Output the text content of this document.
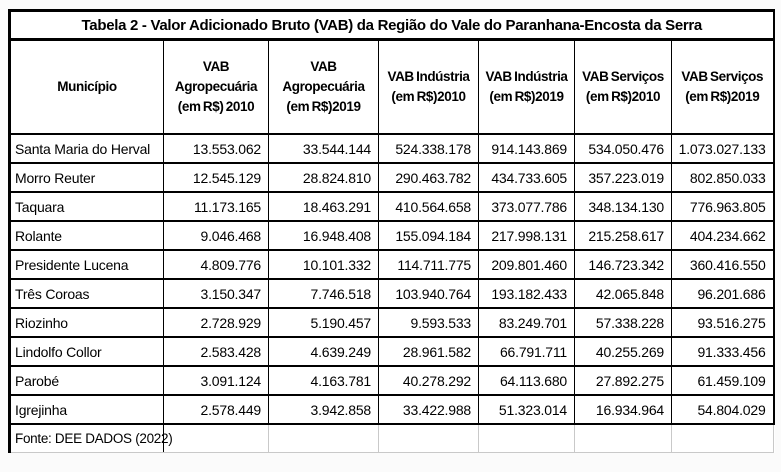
Tabela 2 - Valor Adicionado Bruto (VAB) da Região do Vale do Paranhana-Encosta da Serra						
Município	VAB Agropecuária (em R$) 2010	VAB Agropecuária (em R$)2019	VAB Indústria (em R$)2010	VAB Indústria (em R$)2019	VAB Serviços (em R$)2010	VAB Serviços (em R$)2019
Santa Maria do Herval	13.553.062	33.544.144	524.338.178	914.143.869	534.050.476	1.073.027.133
Morro Reuter	12.545.129	28.824.810	290.463.782	434.733.605	357.223.019	802.850.033
Taquara	11.173.165	18.463.291	410.564.658	373.077.786	348.134.130	776.963.805
Rolante	9.046.468	16.948.408	155.094.184	217.998.131	215.258.617	404.234.662
Presidente Lucena	4.809.776	10.101.332	114.711.775	209.801.460	146.723.342	360.416.550
Três Coroas	3.150.347	7.746.518	103.940.764	193.182.433	42.065.848	96.201.686
Riozinho	2.728.929	5.190.457	9.593.533	83.249.701	57.338.228	93.516.275
Lindolfo Collor	2.583.428	4.639.249	28.961.582	66.791.711	40.255.269	91.333.456
Parobé	3.091.124	4.163.781	40.278.292	64.113.680	27.892.275	61.459.109
Igrejinha	2.578.449	3.942.858	33.422.988	51.323.014	16.934.964	54.804.029
Fonte: DEE DADOS (2022)						
